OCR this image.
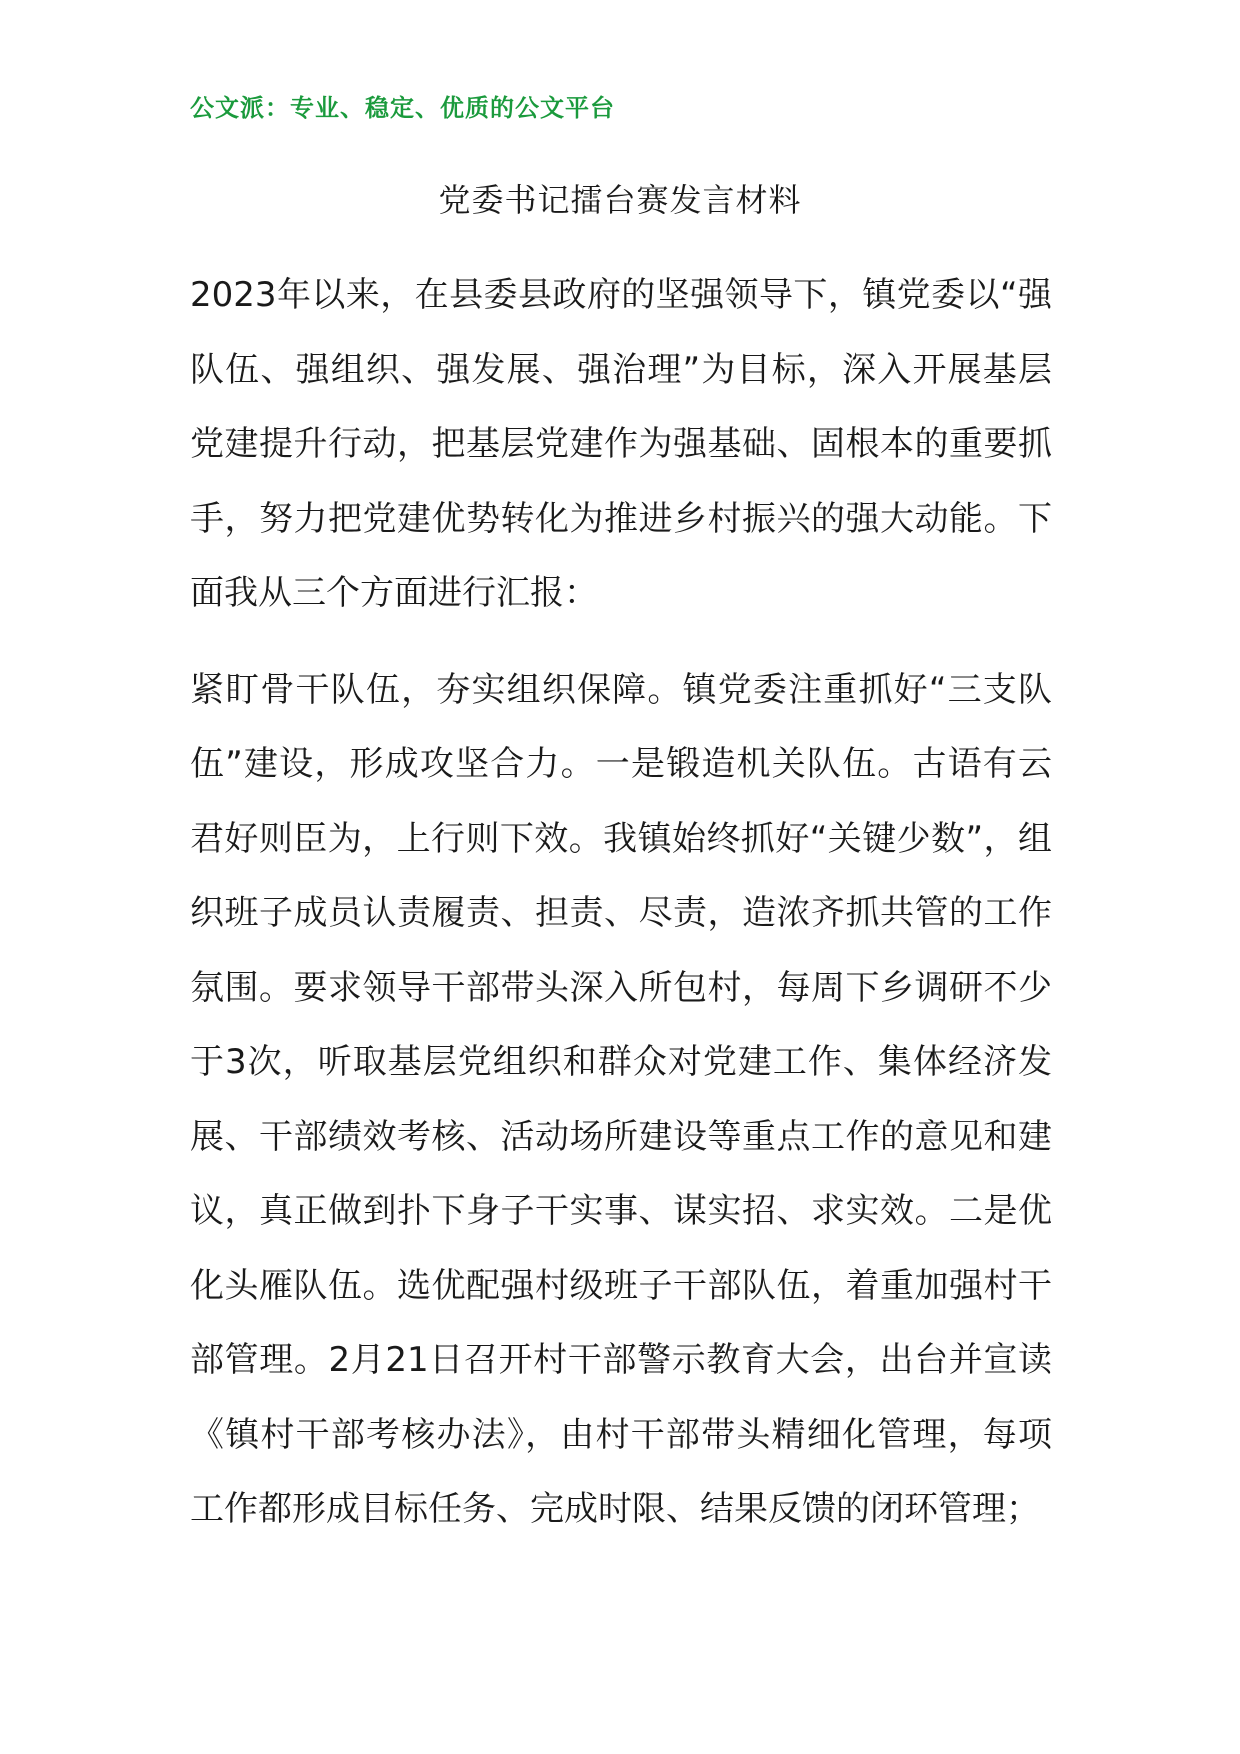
公文派：专业、稳定、优质的公文平台
党委书记擂台赛发言材料

2023年以来，在县委县政府的坚强领导下，镇党委以“强队伍、强组织、强发展、强治理”为目标，深入开展基层党建提升行动，把基层党建作为强基础、固根本的重要抓手，努力把党建优势转化为推进乡村振兴的强大动能。下面我从三个方面进行汇报：

紧盯骨干队伍，夯实组织保障。镇党委注重抓好“三支队伍”建设，形成攻坚合力。一是锻造机关队伍。古语有云君好则臣为，上行则下效。我镇始终抓好“关键少数”，组织班子成员认责履责、担责、尽责，造浓齐抓共管的工作氛围。要求领导干部带头深入所包村，每周下乡调研不少于3次，听取基层党组织和群众对党建工作、集体经济发展、干部绩效考核、活动场所建设等重点工作的意见和建议，真正做到扑下身子干实事、谋实招、求实效。二是优化头雁队伍。选优配强村级班子干部队伍，着重加强村干部管理。2月21日召开村干部警示教育大会，出台并宣读《镇村干部考核办法》，由村干部带头精细化管理，每项工作都形成目标任务、完成时限、结果反馈的闭环管理；
